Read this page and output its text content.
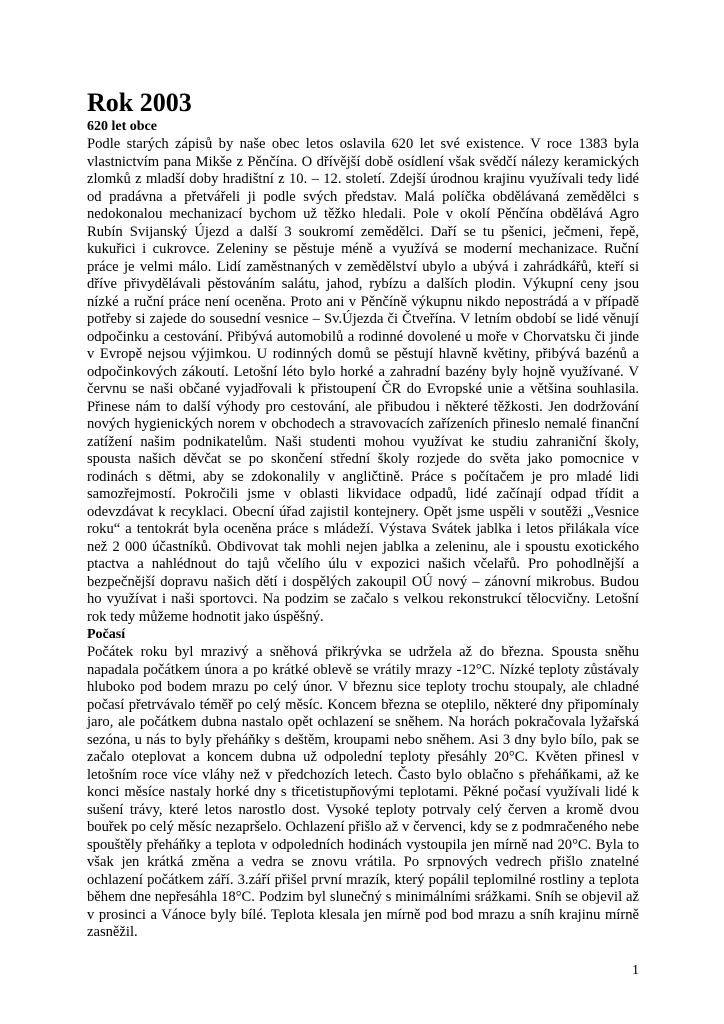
Rok 2003
620 let obce

Podle starých zápisů by naše obec letos oslavila 620 let své existence. V roce 1383 byla vlastnictvím pana Mikše z Pěnčína. O dřívější době osídlení však svědčí nálezy keramických zlomků z mladší doby hradištní z 10. – 12. století. Zdejší úrodnou krajinu využívali tedy lidé od pradávna a přetvářeli ji podle svých představ. Malá políčka obdělávaná zemědělci s nedokonalou mechanizací bychom už těžko hledali. Pole v okolí Pěnčína obdělává Agro Rubín Svijanský Újezd a další 3 soukromí zemědělci. Daří se tu pšenici, ječmeni, řepě, kukuřici i cukrovce. Zeleniny se pěstuje méně a využívá se moderní mechanizace. Ruční práce je velmi málo. Lidí zaměstnaných v zemědělství ubylo a ubývá i zahrádkářů, kteří si dříve přivydělávali pěstováním salátu, jahod, rybízu a dalších plodin. Výkupní ceny jsou nízké a ruční práce není oceněna. Proto ani v Pěnčíně výkupnu nikdo nepostrádá a v případě potřeby si zajede do sousední vesnice – Sv.Újezda či Čtveřína. V letním období se lidé věnují odpočinku a cestování. Přibývá automobilů a rodinné dovolené u moře v Chorvatsku či jinde v Evropě nejsou výjimkou. U rodinných domů se pěstují hlavně květiny, přibývá bazénů a odpočinkových zákoutí. Letošní léto bylo horké a zahradní bazény byly hojně využívané. V červnu se naši občané vyjadřovali k přistoupení ČR do Evropské unie a většina souhlasila. Přinese nám to další výhody pro cestování, ale přibudou i některé těžkosti. Jen dodržování nových hygienických norem v obchodech a stravovacích zařízeních přineslo nemalé finanční zatížení našim podnikatelům. Naši studenti mohou využívat ke studiu zahraniční školy, spousta našich děvčat se po skončení střední školy rozjede do světa jako pomocnice v rodinách s dětmi, aby se zdokonalily v angličtině. Práce s počítačem je pro mladé lidi samozřejmostí. Pokročili jsme v oblasti likvidace odpadů, lidé začínají odpad třídit a odevzdávat k recyklaci. Obecní úřad zajistil kontejnery. Opět jsme uspěli v soutěži „Vesnice roku“ a tentokrát byla oceněna práce s mládeží. Výstava Svátek jablka i letos přilákala více než 2 000 účastníků. Obdivovat tak mohli nejen jablka a zeleninu, ale i spoustu exotického ptactva a nahlédnout do tajů včelího úlu v expozici našich včelařů. Pro pohodlnější a bezpečnější dopravu našich dětí i dospělých zakoupil OÚ nový – zánovní mikrobus. Budou ho využívat i naši sportovci. Na podzim se začalo s velkou rekonstrukcí tělocvičny. Letošní rok tedy můžeme hodnotit jako úspěšný.

Počasí

Počátek roku byl mrazivý a sněhová přikrývka se udržela až do března. Spousta sněhu napadala počátkem února a po krátké oblevě se vrátily mrazy -12°C. Nízké teploty zůstávaly hluboko pod bodem mrazu po celý únor. V březnu sice teploty trochu stoupaly, ale chladné počasí přetrvávalo téměř po celý měsíc. Koncem března se oteplilo, některé dny připomínaly jaro, ale počátkem dubna nastalo opět ochlazení se sněhem. Na horách pokračovala lyžařská sezóna, u nás to byly přeháňky s deštěm, kroupami nebo sněhem. Asi 3 dny bylo bílo, pak se začalo oteplovat a koncem dubna už odpolední teploty přesáhly 20°C. Květen přinesl v letošním roce více vláhy než v předchozích letech. Často bylo oblačno s přeháňkami, až ke konci měsíce nastaly horké dny s třicetistupňovými teplotami. Pěkné počasí využívali lidé k sušení trávy, které letos narostlo dost. Vysoké teploty potrvaly celý červen a kromě dvou bouřek po celý měsíc nezapršelo. Ochlazení přišlo až v červenci, kdy se z podmračeného nebe spouštěly přeháňky a teplota v odpoledních hodinách vystoupila jen mírně nad 20°C. Byla to však jen krátká změna a vedra se znovu vrátila. Po srpnových vedrech přišlo znatelné ochlazení počátkem září. 3.září přišel první mrazík, který popálil teplomilné rostliny a teplota během dne nepřesáhla 18°C. Podzim byl slunečný s minimálními srážkami. Sníh se objevil až v prosinci a Vánoce byly bílé. Teplota klesala jen mírně pod bod mrazu a sníh krajinu mírně zasněžil.

1
